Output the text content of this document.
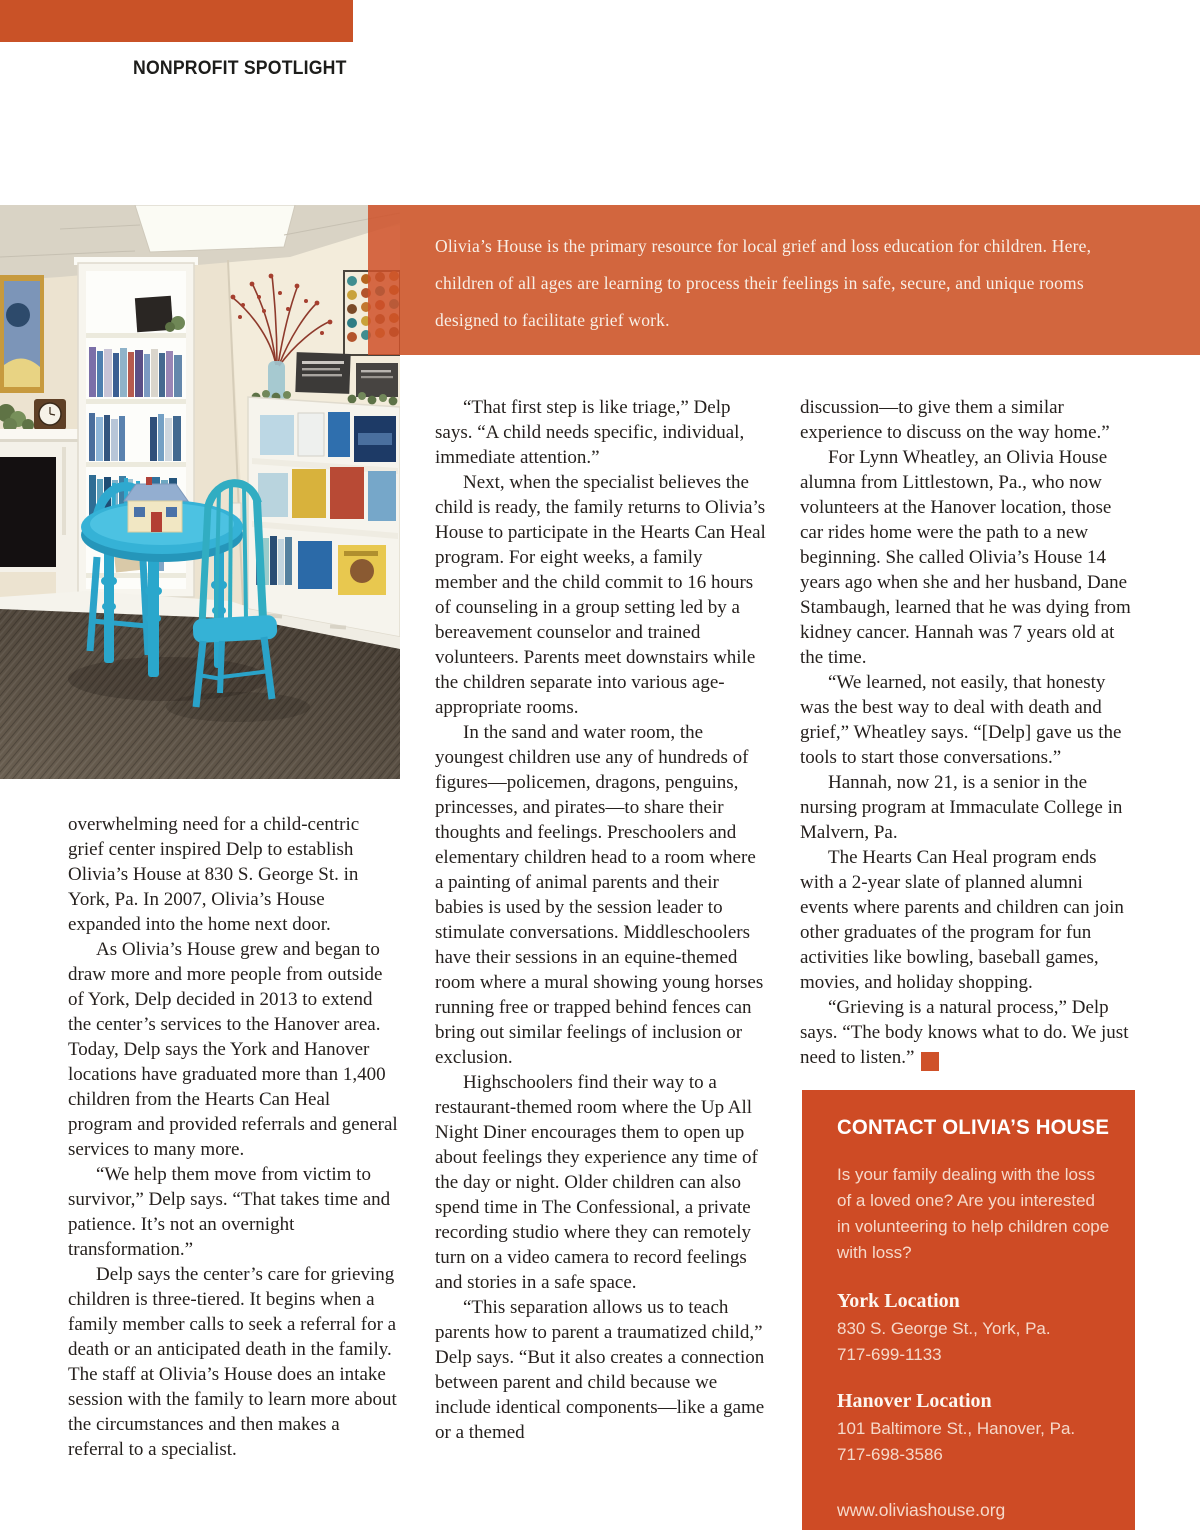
NONPROFIT SPOTLIGHT

Olivia’s House is the primary resource for local grief and loss education for children. Here, children of all ages are learning to process their feelings in safe, secure, and unique rooms designed to facilitate grief work.

overwhelming need for a child-centric grief center inspired Delp to establish Olivia’s House at 830 S. George St. in York, Pa. In 2007, Olivia’s House expanded into the home next door.

As Olivia’s House grew and began to draw more and more people from outside of York, Delp decided in 2013 to extend the center’s services to the Hanover area. Today, Delp says the York and Hanover locations have graduated more than 1,400 children from the Hearts Can Heal program and provided referrals and general services to many more.

“We help them move from victim to survivor,” Delp says. “That takes time and patience. It’s not an overnight transformation.”

Delp says the center’s care for grieving children is three-tiered. It begins when a family member calls to seek a referral for a death or an anticipated death in the family. The staff at Olivia’s House does an intake session with the family to learn more about the circumstances and then makes a referral to a specialist.

“That first step is like triage,” Delp says. “A child needs specific, individual, immediate attention.”

Next, when the specialist believes the child is ready, the family returns to Olivia’s House to participate in the Hearts Can Heal program. For eight weeks, a family member and the child commit to 16 hours of counseling in a group setting led by a bereavement counselor and trained volunteers. Parents meet downstairs while the children separate into various age-appropriate rooms.

In the sand and water room, the youngest children use any of hundreds of figures—policemen, dragons, penguins, princesses, and pirates—to share their thoughts and feelings. Preschoolers and elementary children head to a room where a painting of animal parents and their babies is used by the session leader to stimulate conversations. Middleschoolers have their sessions in an equine-themed room where a mural showing young horses running free or trapped behind fences can bring out similar feelings of inclusion or exclusion.

Highschoolers find their way to a restaurant-themed room where the Up All Night Diner encourages them to open up about feelings they experience any time of the day or night. Older children can also spend time in The Confessional, a private recording studio where they can remotely turn on a video camera to record feelings and stories in a safe space.

“This separation allows us to teach parents how to parent a traumatized child,” Delp says. “But it also creates a connection between parent and child because we include identical components—like a game or a themed

discussion—to give them a similar experience to discuss on the way home.”

For Lynn Wheatley, an Olivia House alumna from Littlestown, Pa., who now volunteers at the Hanover location, those car rides home were the path to a new beginning. She called Olivia’s House 14 years ago when she and her husband, Dane Stambaugh, learned that he was dying from kidney cancer. Hannah was 7 years old at the time.

“We learned, not easily, that honesty was the best way to deal with death and grief,” Wheatley says. “[Delp] gave us the tools to start those conversations.”

Hannah, now 21, is a senior in the nursing program at Immaculate College in Malvern, Pa.

The Hearts Can Heal program ends with a 2-year slate of planned alumni events where parents and children can join other graduates of the program for fun activities like bowling, baseball games, movies, and holiday shopping.

“Grieving is a natural process,” Delp says. “The body knows what to do. We just need to listen.” G

CONTACT OLIVIA’S HOUSE

Is your family dealing with the loss of a loved one? Are you interested in volunteering to help children cope with loss?

York Location

830 S. George St., York, Pa.

717-699-1133

Hanover Location

101 Baltimore St., Hanover, Pa.

717-698-3586

www.oliviashouse.org
